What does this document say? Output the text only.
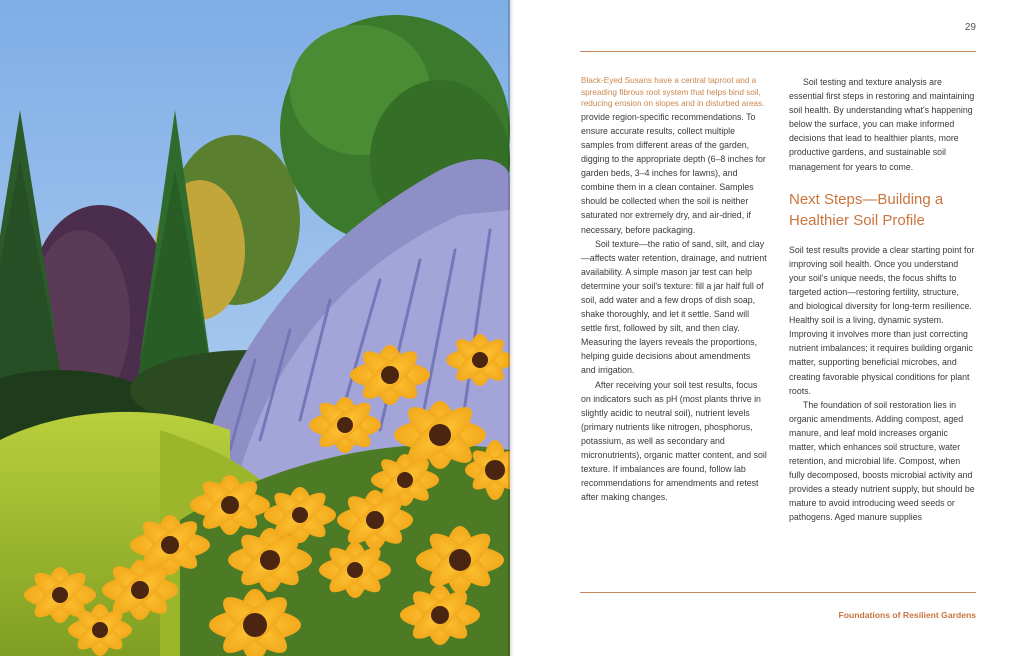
29

Black-Eyed Susans have a central taproot and a spreading fibrous root system that helps bind soil, reducing erosion on slopes and in disturbed areas.

provide region-specific recommendations. To ensure accurate results, collect multiple samples from different areas of the garden, digging to the appropriate depth (6–8 inches for garden beds, 3–4 inches for lawns), and combine them in a clean container. Samples should be collected when the soil is neither saturated nor extremely dry, and air-dried, if necessary, before packaging.

Soil texture—the ratio of sand, silt, and clay—affects water retention, drainage, and nutrient availability. A simple mason jar test can help determine your soil's texture: fill a jar half full of soil, add water and a few drops of dish soap, shake thoroughly, and let it settle. Sand will settle first, followed by silt, and then clay. Measuring the layers reveals the proportions, helping guide decisions about amendments and irrigation.

After receiving your soil test results, focus on indicators such as pH (most plants thrive in slightly acidic to neutral soil), nutrient levels (primary nutrients like nitrogen, phosphorus, potassium, as well as secondary and micronutrients), organic matter content, and soil texture. If imbalances are found, follow lab recommendations for amendments and retest after making changes.

Soil testing and texture analysis are essential first steps in restoring and maintaining soil health. By understanding what's happening below the surface, you can make informed decisions that lead to healthier plants, more productive gardens, and sustainable soil management for years to come.

Next Steps—Building a Healthier Soil Profile

Soil test results provide a clear starting point for improving soil health. Once you understand your soil's unique needs, the focus shifts to targeted action—restoring fertility, structure, and biological diversity for long-term resilience. Healthy soil is a living, dynamic system. Improving it involves more than just correcting nutrient imbalances; it requires building organic matter, supporting beneficial microbes, and creating favorable physical conditions for plant roots.

The foundation of soil restoration lies in organic amendments. Adding compost, aged manure, and leaf mold increases organic matter, which enhances soil structure, water retention, and microbial life. Compost, when fully decomposed, boosts microbial activity and provides a steady nutrient supply, but should be mature to avoid introducing weed seeds or pathogens. Aged manure supplies

Foundations of Resilient Gardens
